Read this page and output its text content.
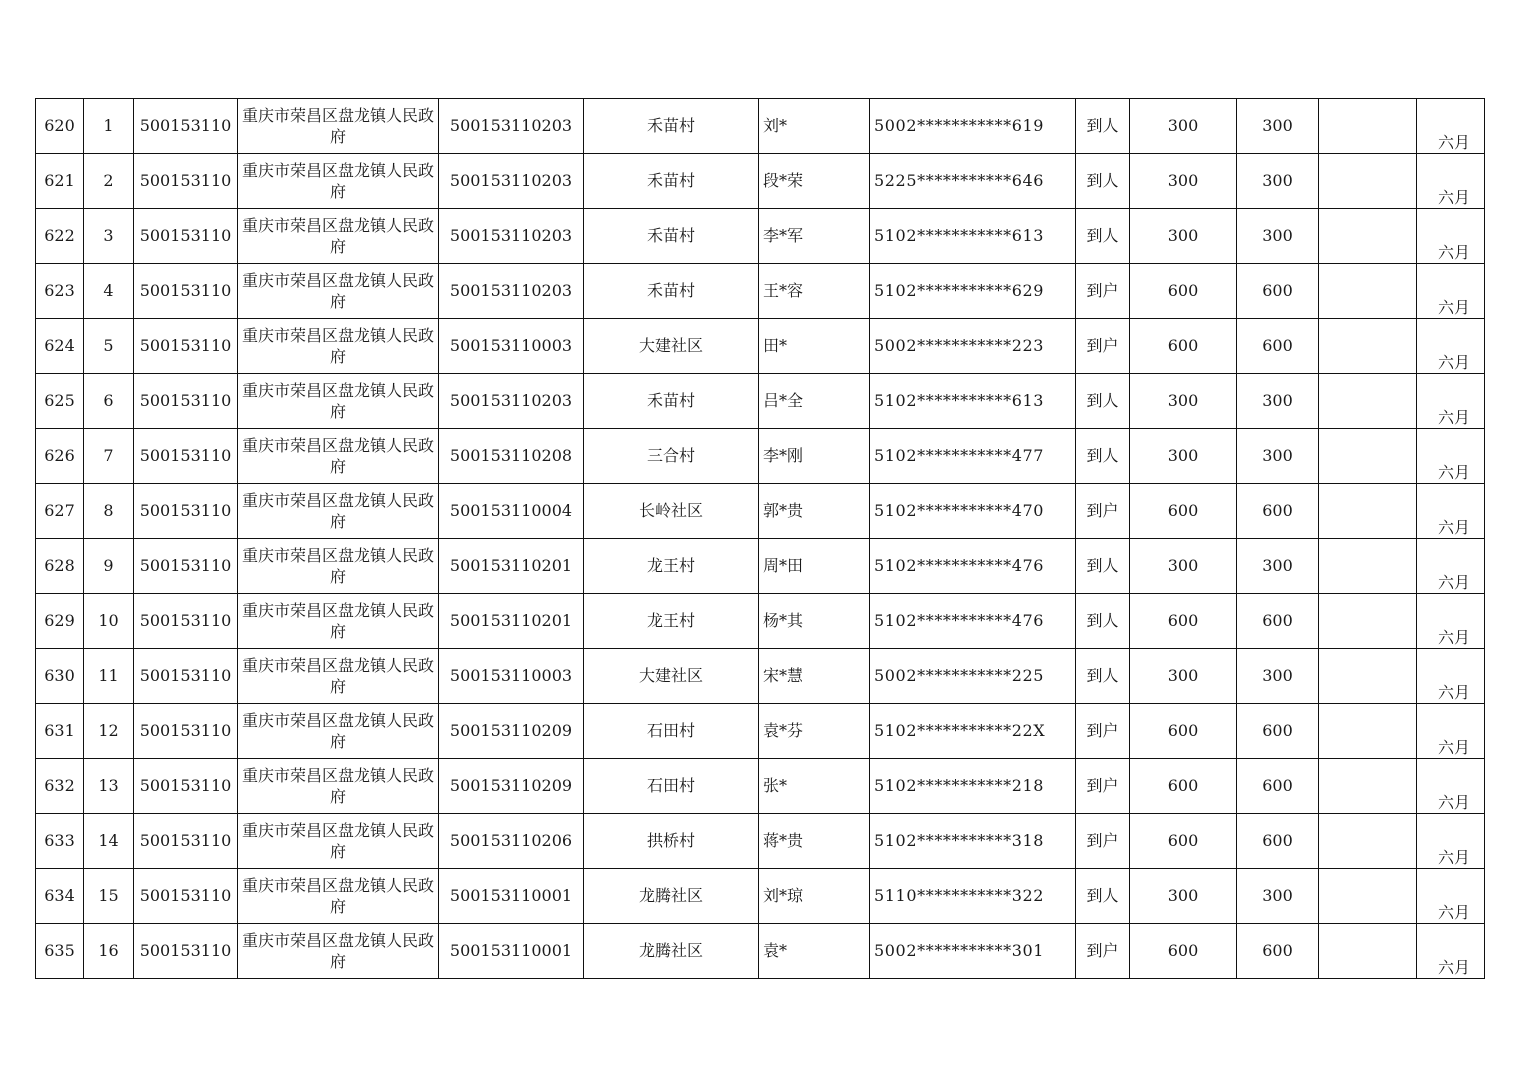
620	1	500153110	重庆市荣昌区盘龙镇人民政府	500153110203	禾苗村	刘*	5002***********619	到人	300	300		六月
621	2	500153110	重庆市荣昌区盘龙镇人民政府	500153110203	禾苗村	段*荣	5225***********646	到人	300	300		六月
622	3	500153110	重庆市荣昌区盘龙镇人民政府	500153110203	禾苗村	李*军	5102***********613	到人	300	300		六月
623	4	500153110	重庆市荣昌区盘龙镇人民政府	500153110203	禾苗村	王*容	5102***********629	到户	600	600		六月
624	5	500153110	重庆市荣昌区盘龙镇人民政府	500153110003	大建社区	田*	5002***********223	到户	600	600		六月
625	6	500153110	重庆市荣昌区盘龙镇人民政府	500153110203	禾苗村	吕*全	5102***********613	到人	300	300		六月
626	7	500153110	重庆市荣昌区盘龙镇人民政府	500153110208	三合村	李*刚	5102***********477	到人	300	300		六月
627	8	500153110	重庆市荣昌区盘龙镇人民政府	500153110004	长岭社区	郭*贵	5102***********470	到户	600	600		六月
628	9	500153110	重庆市荣昌区盘龙镇人民政府	500153110201	龙王村	周*田	5102***********476	到人	300	300		六月
629	10	500153110	重庆市荣昌区盘龙镇人民政府	500153110201	龙王村	杨*其	5102***********476	到人	600	600		六月
630	11	500153110	重庆市荣昌区盘龙镇人民政府	500153110003	大建社区	宋*慧	5002***********225	到人	300	300		六月
631	12	500153110	重庆市荣昌区盘龙镇人民政府	500153110209	石田村	袁*芬	5102***********22X	到户	600	600		六月
632	13	500153110	重庆市荣昌区盘龙镇人民政府	500153110209	石田村	张*	5102***********218	到户	600	600		六月
633	14	500153110	重庆市荣昌区盘龙镇人民政府	500153110206	拱桥村	蒋*贵	5102***********318	到户	600	600		六月
634	15	500153110	重庆市荣昌区盘龙镇人民政府	500153110001	龙腾社区	刘*琼	5110***********322	到人	300	300		六月
635	16	500153110	重庆市荣昌区盘龙镇人民政府	500153110001	龙腾社区	袁*	5002***********301	到户	600	600		六月
